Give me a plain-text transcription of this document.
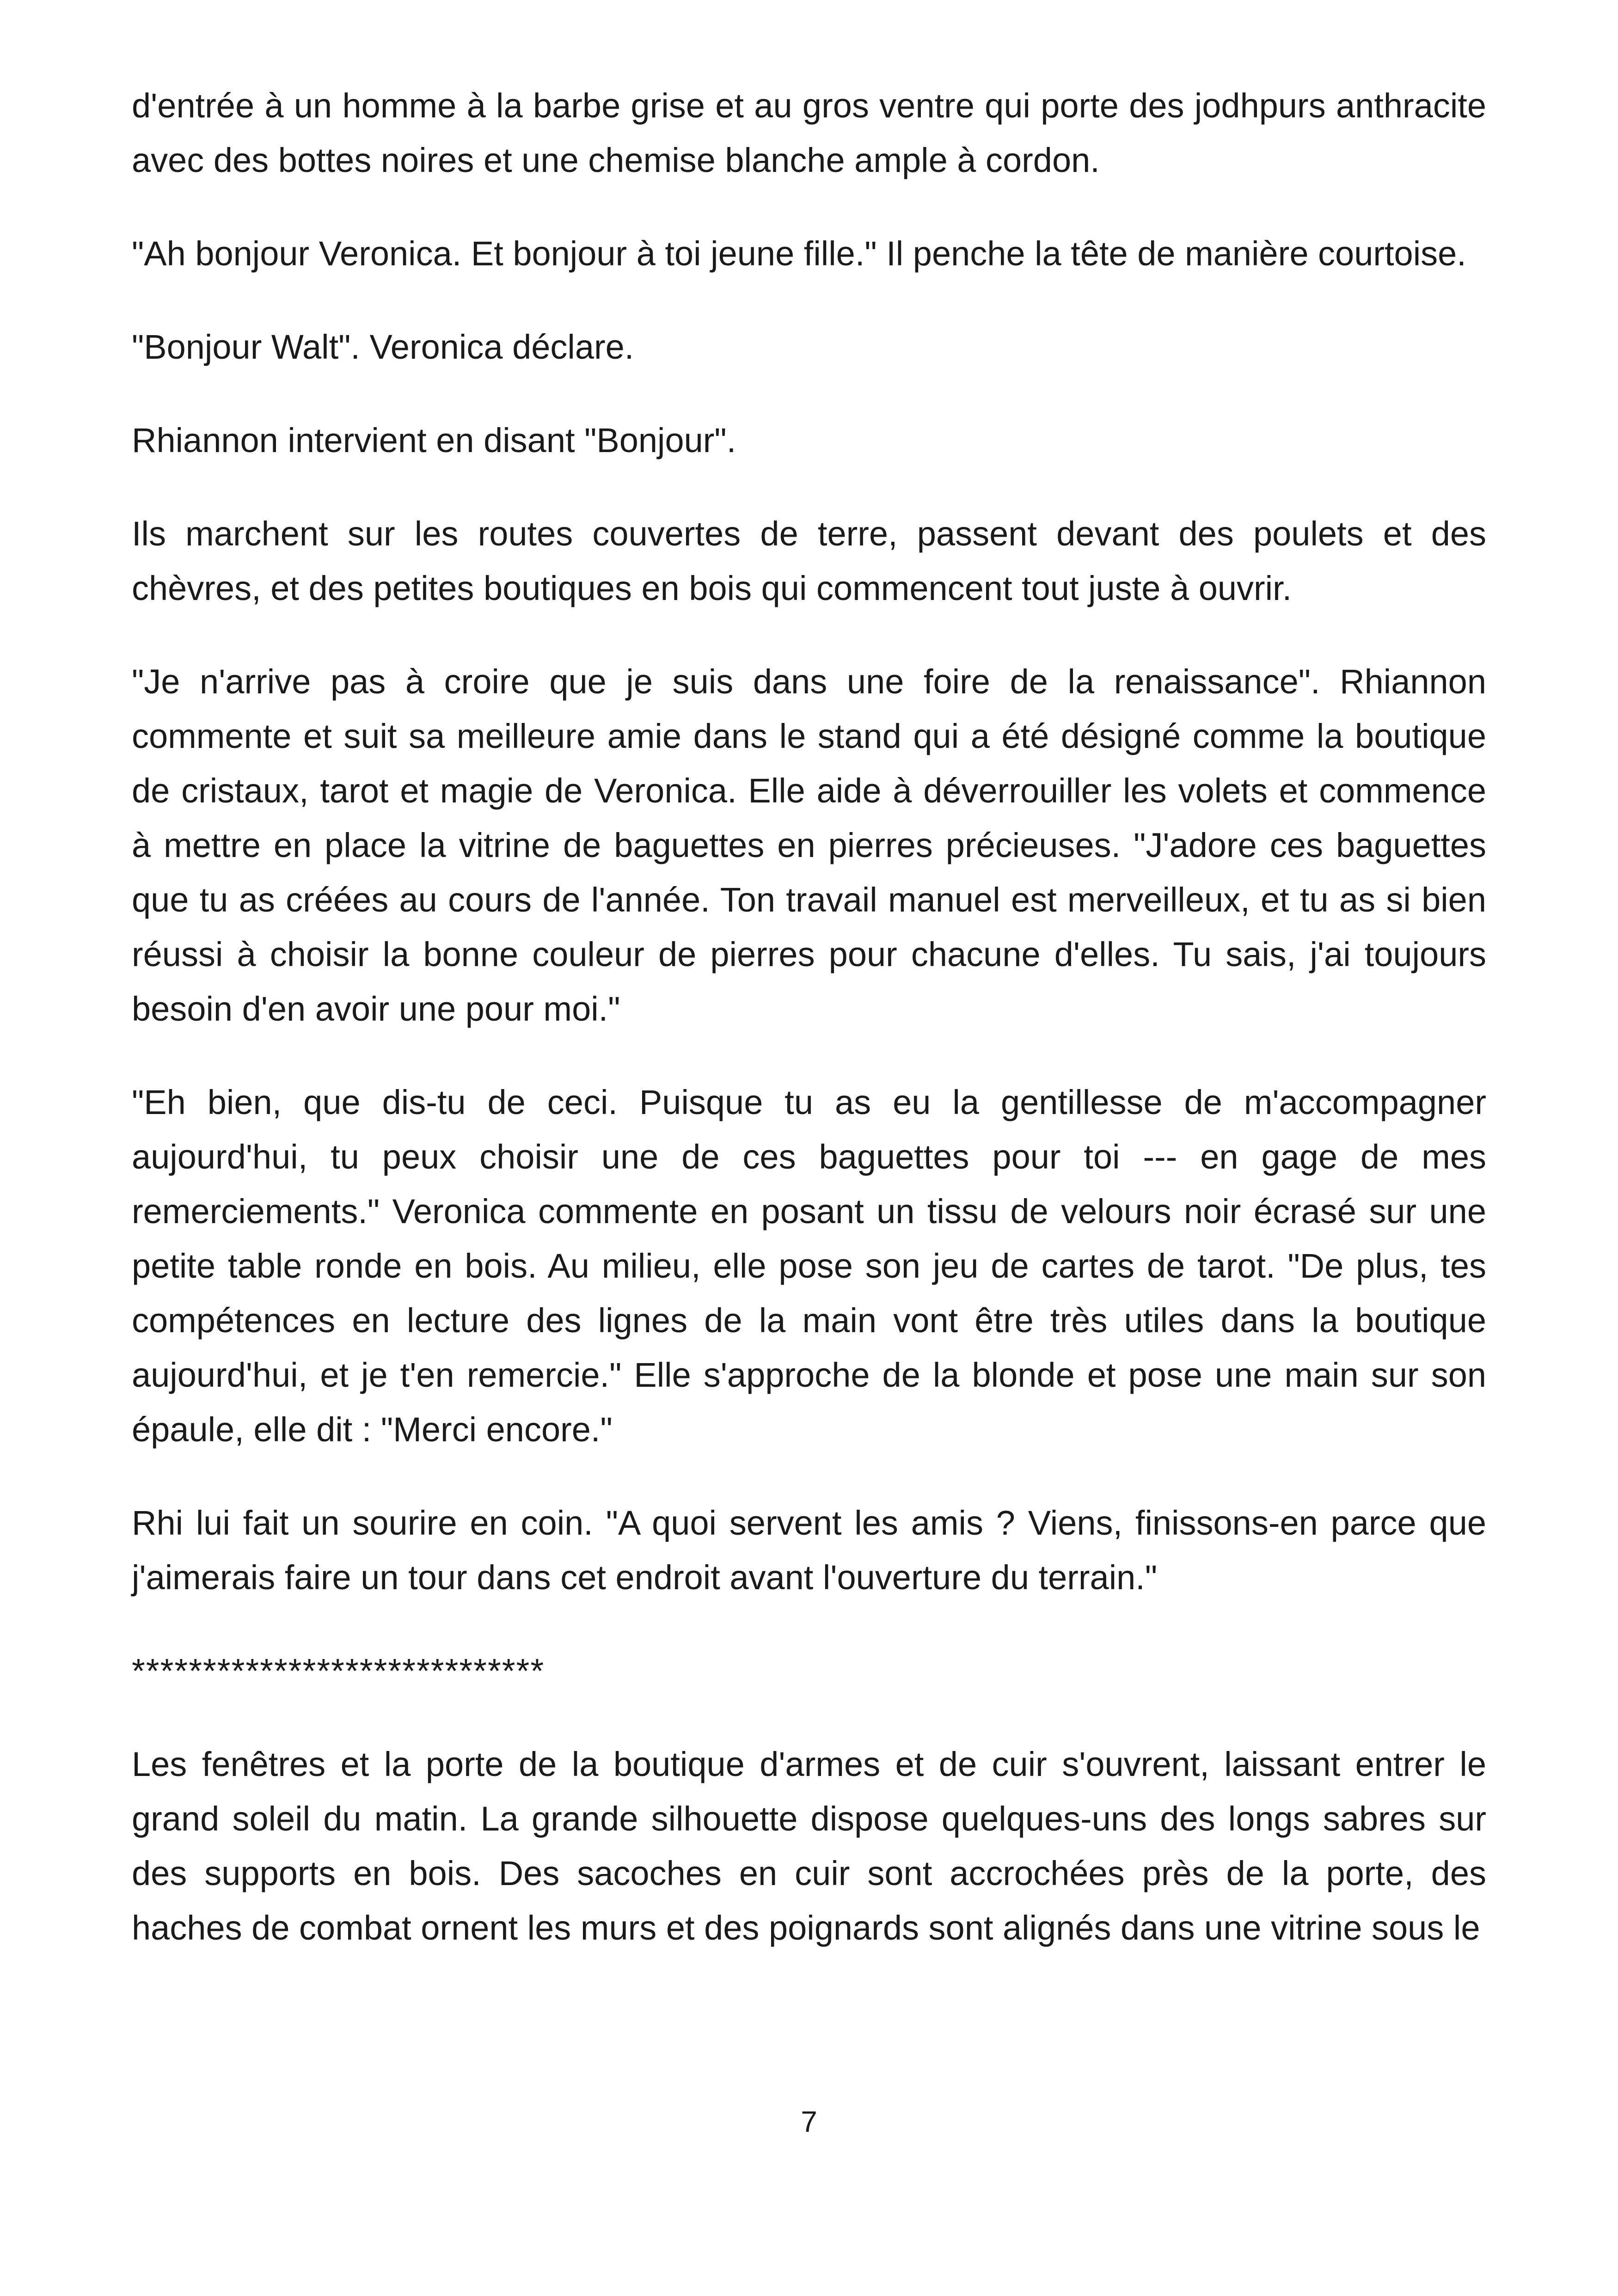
d'entrée à un homme à la barbe grise et au gros ventre qui porte des jodhpurs anthracite avec des bottes noires et une chemise blanche ample à cordon.

"Ah bonjour Veronica. Et bonjour à toi jeune fille." Il penche la tête de manière courtoise.

"Bonjour Walt". Veronica déclare.

Rhiannon intervient en disant "Bonjour".

Ils marchent sur les routes couvertes de terre, passent devant des poulets et des chèvres, et des petites boutiques en bois qui commencent tout juste à ouvrir.

"Je n'arrive pas à croire que je suis dans une foire de la renaissance". Rhiannon commente et suit sa meilleure amie dans le stand qui a été désigné comme la boutique de cristaux, tarot et magie de Veronica. Elle aide à déverrouiller les volets et commence à mettre en place la vitrine de baguettes en pierres précieuses. "J'adore ces baguettes que tu as créées au cours de l'année. Ton travail manuel est merveilleux, et tu as si bien réussi à choisir la bonne couleur de pierres pour chacune d'elles. Tu sais, j'ai toujours besoin d'en avoir une pour moi."

"Eh bien, que dis-tu de ceci. Puisque tu as eu la gentillesse de m'accompagner aujourd'hui, tu peux choisir une de ces baguettes pour toi --- en gage de mes remerciements." Veronica commente en posant un tissu de velours noir écrasé sur une petite table ronde en bois. Au milieu, elle pose son jeu de cartes de tarot. "De plus, tes compétences en lecture des lignes de la main vont être très utiles dans la boutique aujourd'hui, et je t'en remercie." Elle s'approche de la blonde et pose une main sur son épaule, elle dit : "Merci encore."

Rhi lui fait un sourire en coin. "A quoi servent les amis ? Viens, finissons-en parce que j'aimerais faire un tour dans cet endroit avant l'ouverture du terrain."

*****************************

Les fenêtres et la porte de la boutique d'armes et de cuir s'ouvrent, laissant entrer le grand soleil du matin. La grande silhouette dispose quelques-uns des longs sabres sur des supports en bois. Des sacoches en cuir sont accrochées près de la porte, des haches de combat ornent les murs et des poignards sont alignés dans une vitrine sous le

7
